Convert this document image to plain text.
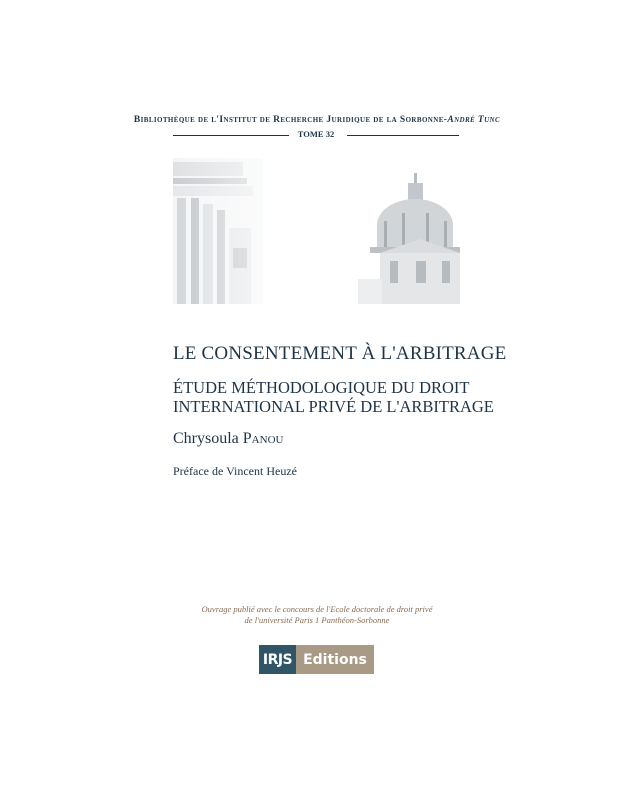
Bibliothèque de l'Institut de Recherche Juridique de la Sorbonne-André Tunc
TOME 32
LE CONSENTEMENT À L'ARBITRAGE
ÉTUDE MÉTHODOLOGIQUE DU DROIT
INTERNATIONAL PRIVÉ DE L'ARBITRAGE
Chrysoula Panou
Préface de Vincent Heuzé
Ouvrage publié avec le concours de l'Ecole doctorale de droit privé
de l'université Paris 1 Panthéon-Sorbonne
IRJS Editions
